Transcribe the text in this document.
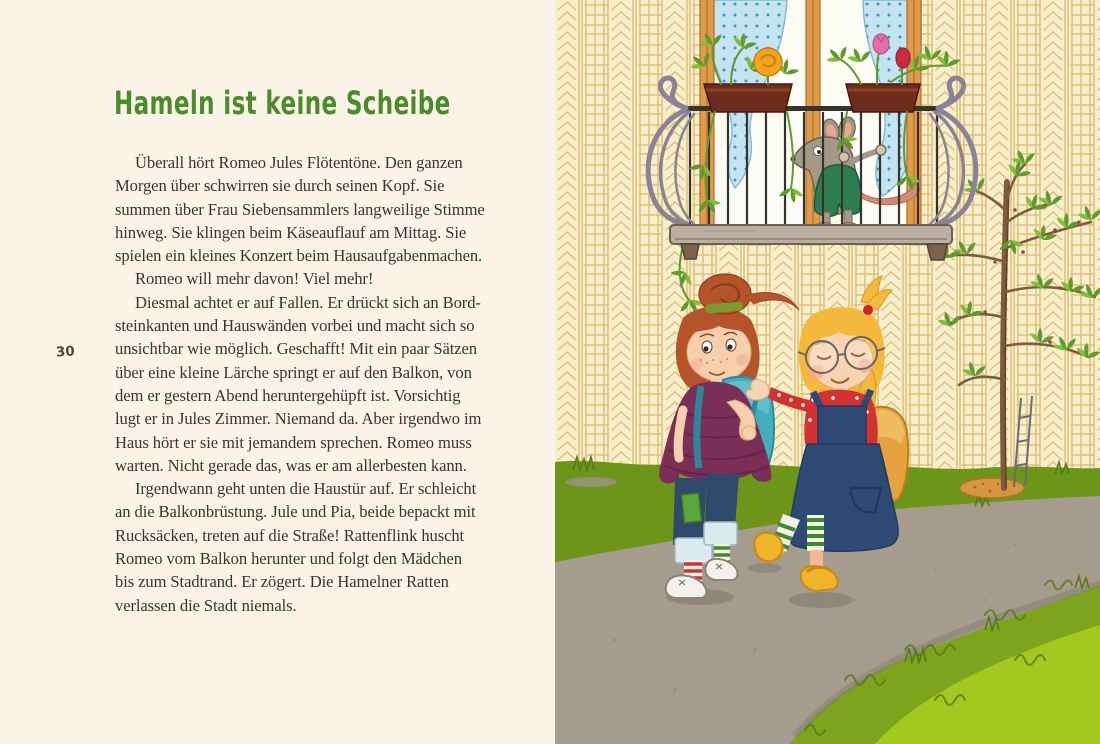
30
Hameln ist keine Scheibe
Überall hört Romeo Jules Flötentöne. Den ganzen
Morgen über schwirren sie durch seinen Kopf. Sie
summen über Frau Siebensammlers langweilige Stimme
hinweg. Sie klingen beim Käseauflauf am Mittag. Sie
spielen ein kleines Konzert beim Hausaufgabenmachen.
Romeo will mehr davon! Viel mehr!
Diesmal achtet er auf Fallen. Er drückt sich an Bord-
steinkanten und Hauswänden vorbei und macht sich so
unsichtbar wie möglich. Geschafft! Mit ein paar Sätzen
über eine kleine Lärche springt er auf den Balkon, von
dem er gestern Abend heruntergehüpft ist. Vorsichtig
lugt er in Jules Zimmer. Niemand da. Aber irgendwo im
Haus hört er sie mit jemandem sprechen. Romeo muss
warten. Nicht gerade das, was er am allerbesten kann.
Irgendwann geht unten die Haustür auf. Er schleicht
an die Balkonbrüstung. Jule und Pia, beide bepackt mit
Rucksäcken, treten auf die Straße! Rattenflink huscht
Romeo vom Balkon herunter und folgt den Mädchen
bis zum Stadtrand. Er zögert. Die Hamelner Ratten
verlassen die Stadt niemals.
